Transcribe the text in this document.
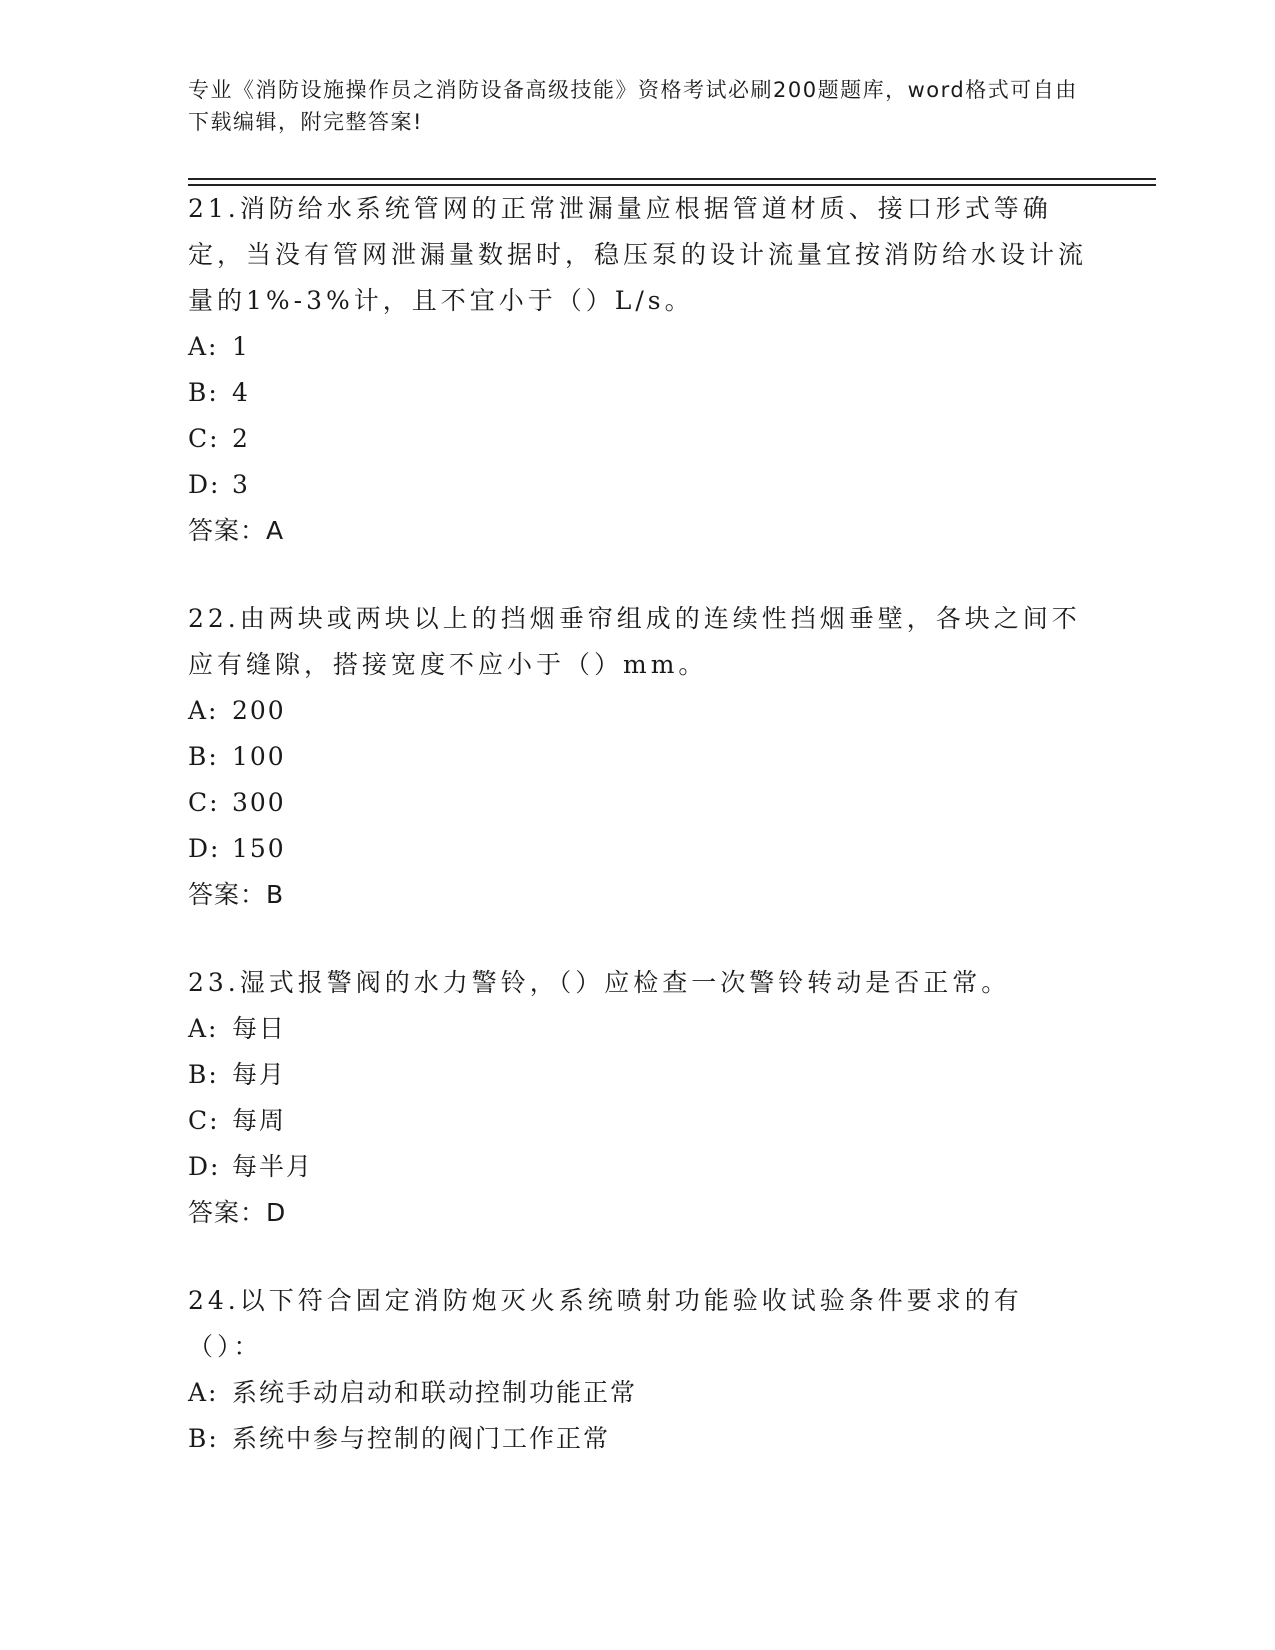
专业《消防设施操作员之消防设备高级技能》资格考试必刷200题题库，word格式可自由下载编辑，附完整答案!

21.消防给水系统管网的正常泄漏量应根据管道材质、接口形式等确定，当没有管网泄漏量数据时，稳压泵的设计流量宜按消防给水设计流量的1%-3%计，且不宜小于（）L/s。

A: 1

B: 4

C: 2

D: 3

答案：A

22.由两块或两块以上的挡烟垂帘组成的连续性挡烟垂壁，各块之间不应有缝隙，搭接宽度不应小于（）mm。

A: 200

B: 100

C: 300

D: 150

答案：B

23.湿式报警阀的水力警铃，（）应检查一次警铃转动是否正常。

A: 每日

B: 每月

C: 每周

D: 每半月

答案：D

24.以下符合固定消防炮灭火系统喷射功能验收试验条件要求的有（）：

A: 系统手动启动和联动控制功能正常

B: 系统中参与控制的阀门工作正常
